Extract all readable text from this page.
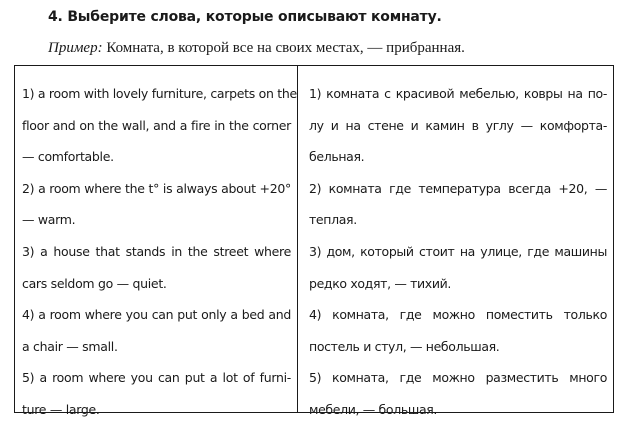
4. Выберите слова, которые описывают комнату.
Пример: Комната, в которой все на своих местах, — прибранная.
1) a room with lovely furniture, carpets on the
floor and on the wall, and a fire in the corner
— comfortable.
2) a room where the t° is always about +20°
— warm.
3) a house that stands in the street where
cars seldom go — quiet.
4) a room where you can put only a bed and
a chair — small.
5) a room where you can put a lot of furni-
ture — large.
1) комната с красивой мебелью, ковры на по-
лу и на стене и камин в углу — комфорта-
бельная.
2) комната где температура всегда +20, —
теплая.
3) дом, который стоит на улице, где машины
редко ходят, — тихий.
4) комната, где можно поместить только
постель и стул, — небольшая.
5) комната, где можно разместить много
мебели, — большая.
